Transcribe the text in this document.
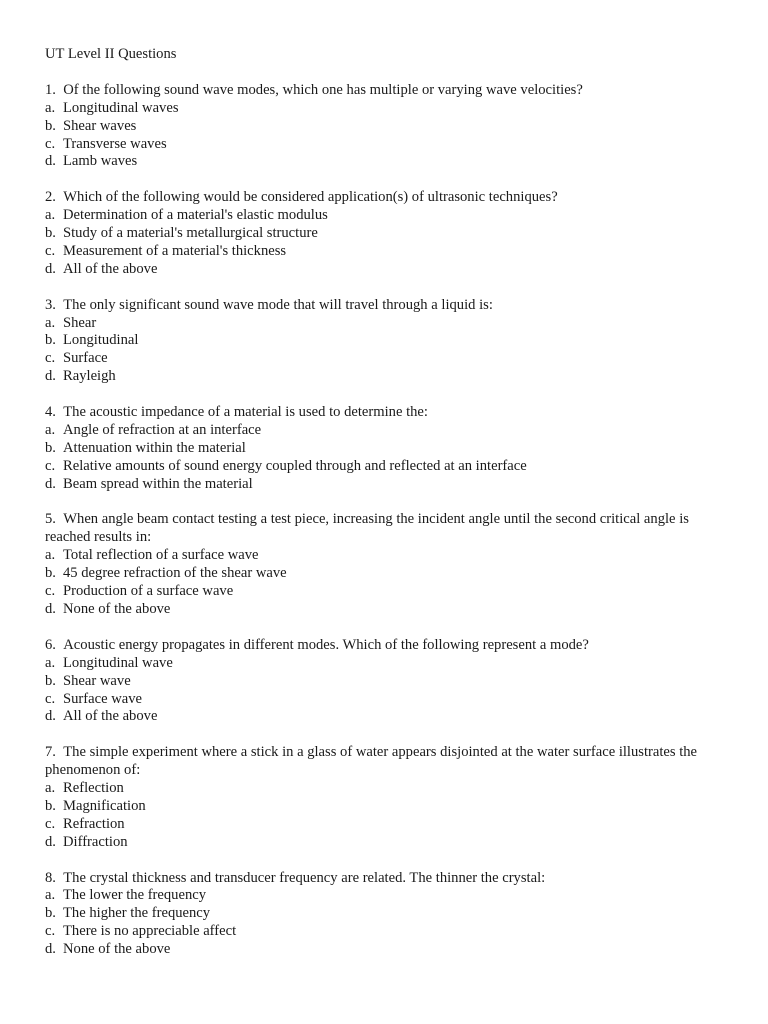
UT Level II Questions

1. Of the following sound wave modes, which one has multiple or varying wave velocities?

a. Longitudinal waves

b. Shear waves

c. Transverse waves

d. Lamb waves

2. Which of the following would be considered application(s) of ultrasonic techniques?

a. Determination of a material's elastic modulus

b. Study of a material's metallurgical structure

c. Measurement of a material's thickness

d. All of the above

3. The only significant sound wave mode that will travel through a liquid is:

a. Shear

b. Longitudinal

c. Surface

d. Rayleigh

4. The acoustic impedance of a material is used to determine the:

a. Angle of refraction at an interface

b. Attenuation within the material

c. Relative amounts of sound energy coupled through and reflected at an interface

d. Beam spread within the material

5. When angle beam contact testing a test piece, increasing the incident angle until the second critical angle is reached results in:

a. Total reflection of a surface wave

b. 45 degree refraction of the shear wave

c. Production of a surface wave

d. None of the above

6. Acoustic energy propagates in different modes. Which of the following represent a mode?

a. Longitudinal wave

b. Shear wave

c. Surface wave

d. All of the above

7. The simple experiment where a stick in a glass of water appears disjointed at the water surface illustrates the phenomenon of:

a. Reflection

b. Magnification

c. Refraction

d. Diffraction

8. The crystal thickness and transducer frequency are related. The thinner the crystal:

a. The lower the frequency

b. The higher the frequency

c. There is no appreciable affect

d. None of the above
